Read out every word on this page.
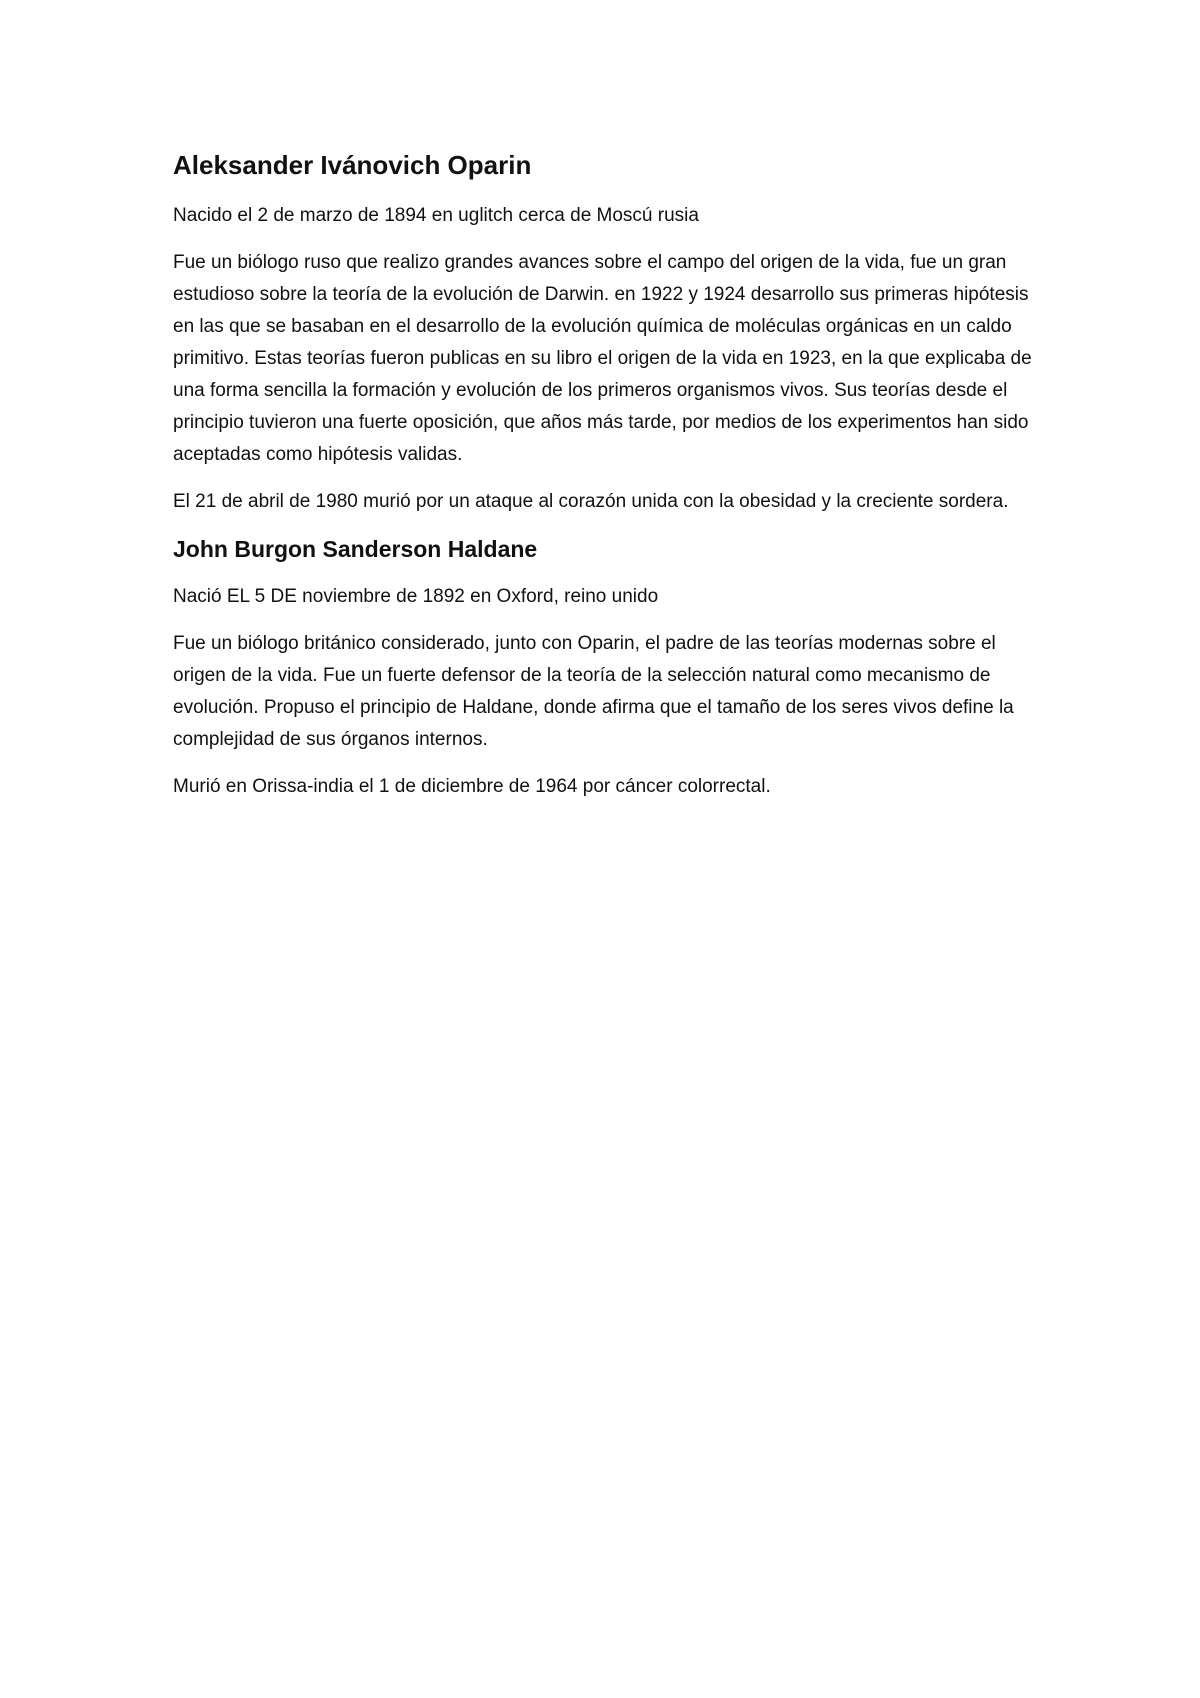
Aleksander Ivánovich Oparin

Nacido el 2 de marzo de 1894 en uglitch cerca de Moscú rusia

Fue un biólogo ruso que realizo grandes avances sobre el campo del origen de la vida, fue un gran estudioso sobre la teoría de la evolución de Darwin. en 1922 y 1924 desarrollo sus primeras hipótesis en las que se basaban en el desarrollo de la evolución química de moléculas orgánicas en un caldo primitivo. Estas teorías fueron publicas en su libro el origen de la vida en 1923, en la que explicaba de una forma sencilla la formación y evolución de los primeros organismos vivos. Sus teorías desde el principio tuvieron una fuerte oposición, que años más tarde, por medios de los experimentos han sido aceptadas como hipótesis validas.

El 21 de abril de 1980 murió por un ataque al corazón unida con la obesidad y la creciente sordera.

John Burgon Sanderson Haldane

Nació EL 5 DE noviembre de 1892 en Oxford, reino unido

Fue un biólogo británico considerado, junto con Oparin, el padre de las teorías modernas sobre el origen de la vida. Fue un fuerte defensor de la teoría de la selección natural como mecanismo de evolución. Propuso el principio de Haldane, donde afirma que el tamaño de los seres vivos define la complejidad de sus órganos internos.

Murió en Orissa-india el 1 de diciembre de 1964 por cáncer colorrectal.
